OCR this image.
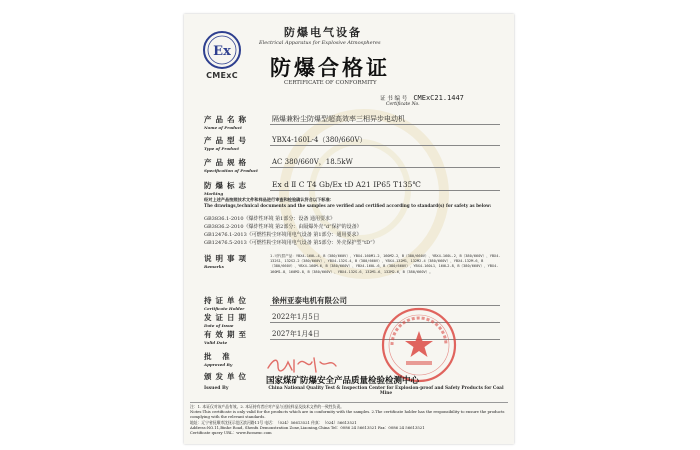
Ex
CMExC
防爆电气设备
Electrical Apparatus for Explosive Atmospheres
防爆合格证
CERTIFICATE OF CONFORMITY
证 书 编 号 CMExC21.1447
Certificate No.
产品名称
Name of Product
隔爆兼粉尘防爆型超高效率三相异步电动机
产品型号
Type of Product
YBX4-160L-4（380/660V）
产品规格
Specification of Product
AC 380/660V，18.5kW
防爆标志
Marking
Ex d Ⅱ C T4 Gb/Ex tD A21 IP65 T135℃
经对上述产品按照技术文件和样品进行审查和检验确认符合以下标准：
The drawings,technical documents and the samples are verified and certified according to standard(s) for safety as below:
GB3836.1-2010《爆炸性环境 第1部分：设备 通用要求》
GB3836.2-2010《爆炸性环境 第2部分：由隔爆外壳“d”保护的设备》
GB12476.1-2013《可燃性粉尘环境用电气设备 第1部分：通用要求》
GB12476.5-2013《可燃性粉尘环境用电气设备 第5部分：外壳保护型“tD”》
说明事项
Remarks
1.可代替产品：YBX4-160L-4，B（380/660V）、YBX4-160M1-2、160M2-2，B（380/660V）、YBX4-160L-2，B（380/660V）、YBX4-132S1、132S2-2（380/660V）、YBX4-132S-4，B（380/660V）、YBX4-132M1、132M2-4（380/660V）、YBX4-132M-6，B（380/660V）、YBX4-160M-6，B（380/660V）、YBX4-160L-6，B（380/660V）、YBX4-160L1、160L2-8，B（380/660V）、YBX4-160M1-8、160M2-8，B（380/660V）、YBX4-132S-6、132M1-6、132M2-6，B（380/660V）。
持证单位
Certificate Holder
徐州亚泰电机有限公司
发证日期
Date of Issue
2022年1月5日
有效期至
Valid Date
2027年1月4日
批 准
Approved By
颁发单位 国家煤矿防爆安全产品质量检验检测中心
Issued By	China National Quality Test & Inspection Center for Explosion-proof and Safety Products for Coal Mine
注：1. 本证仅对该产品有效。2. 本证持有者应对产品与送检样品及技术文件的一致性负责。
Notes:This certificate is only valid for the products which are in conformity with the samples. 2.The certificate holder has the responsibility to ensure the products complying with the relevant standards.
地址：辽宁省抚顺市沈抚示范区滨河路11号 电话：（024）56613521 传真：（024）56613521
Address:NO.11,Binhe Road, Shenfu Demonstration Zone,Liaoning,China Tel：0086 24 56613521 Fax：0086 24 56613521
Certificate query URL：www.fscmexc.com
